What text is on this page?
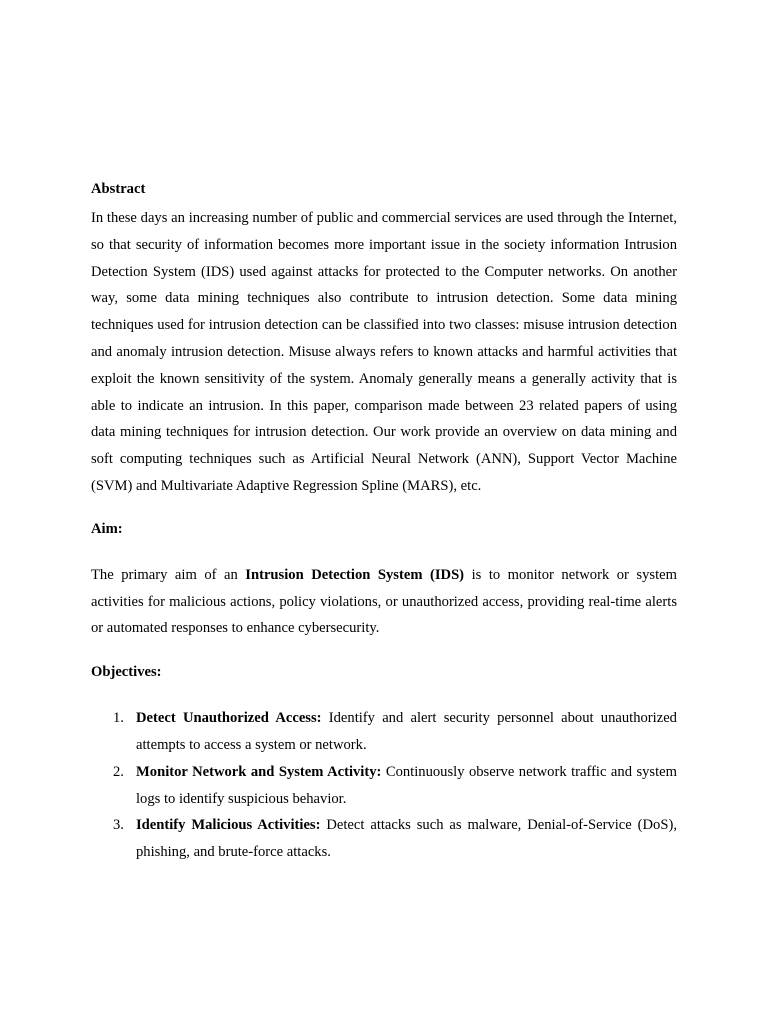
Abstract

In these days an increasing number of public and commercial services are used through the Internet, so that security of information becomes more important issue in the society information Intrusion Detection System (IDS) used against attacks for protected to the Computer networks. On another way, some data mining techniques also contribute to intrusion detection. Some data mining techniques used for intrusion detection can be classified into two classes: misuse intrusion detection and anomaly intrusion detection. Misuse always refers to known attacks and harmful activities that exploit the known sensitivity of the system. Anomaly generally means a generally activity that is able to indicate an intrusion. In this paper, comparison made between 23 related papers of using data mining techniques for intrusion detection. Our work provide an overview on data mining and soft computing techniques such as Artificial Neural Network (ANN), Support Vector Machine (SVM) and Multivariate Adaptive Regression Spline (MARS), etc.

Aim:

The primary aim of an Intrusion Detection System (IDS) is to monitor network or system activities for malicious actions, policy violations, or unauthorized access, providing real-time alerts or automated responses to enhance cybersecurity.

Objectives:

1. Detect Unauthorized Access: Identify and alert security personnel about unauthorized attempts to access a system or network.
2. Monitor Network and System Activity: Continuously observe network traffic and system logs to identify suspicious behavior.
3. Identify Malicious Activities: Detect attacks such as malware, Denial-of-Service (DoS), phishing, and brute-force attacks.
